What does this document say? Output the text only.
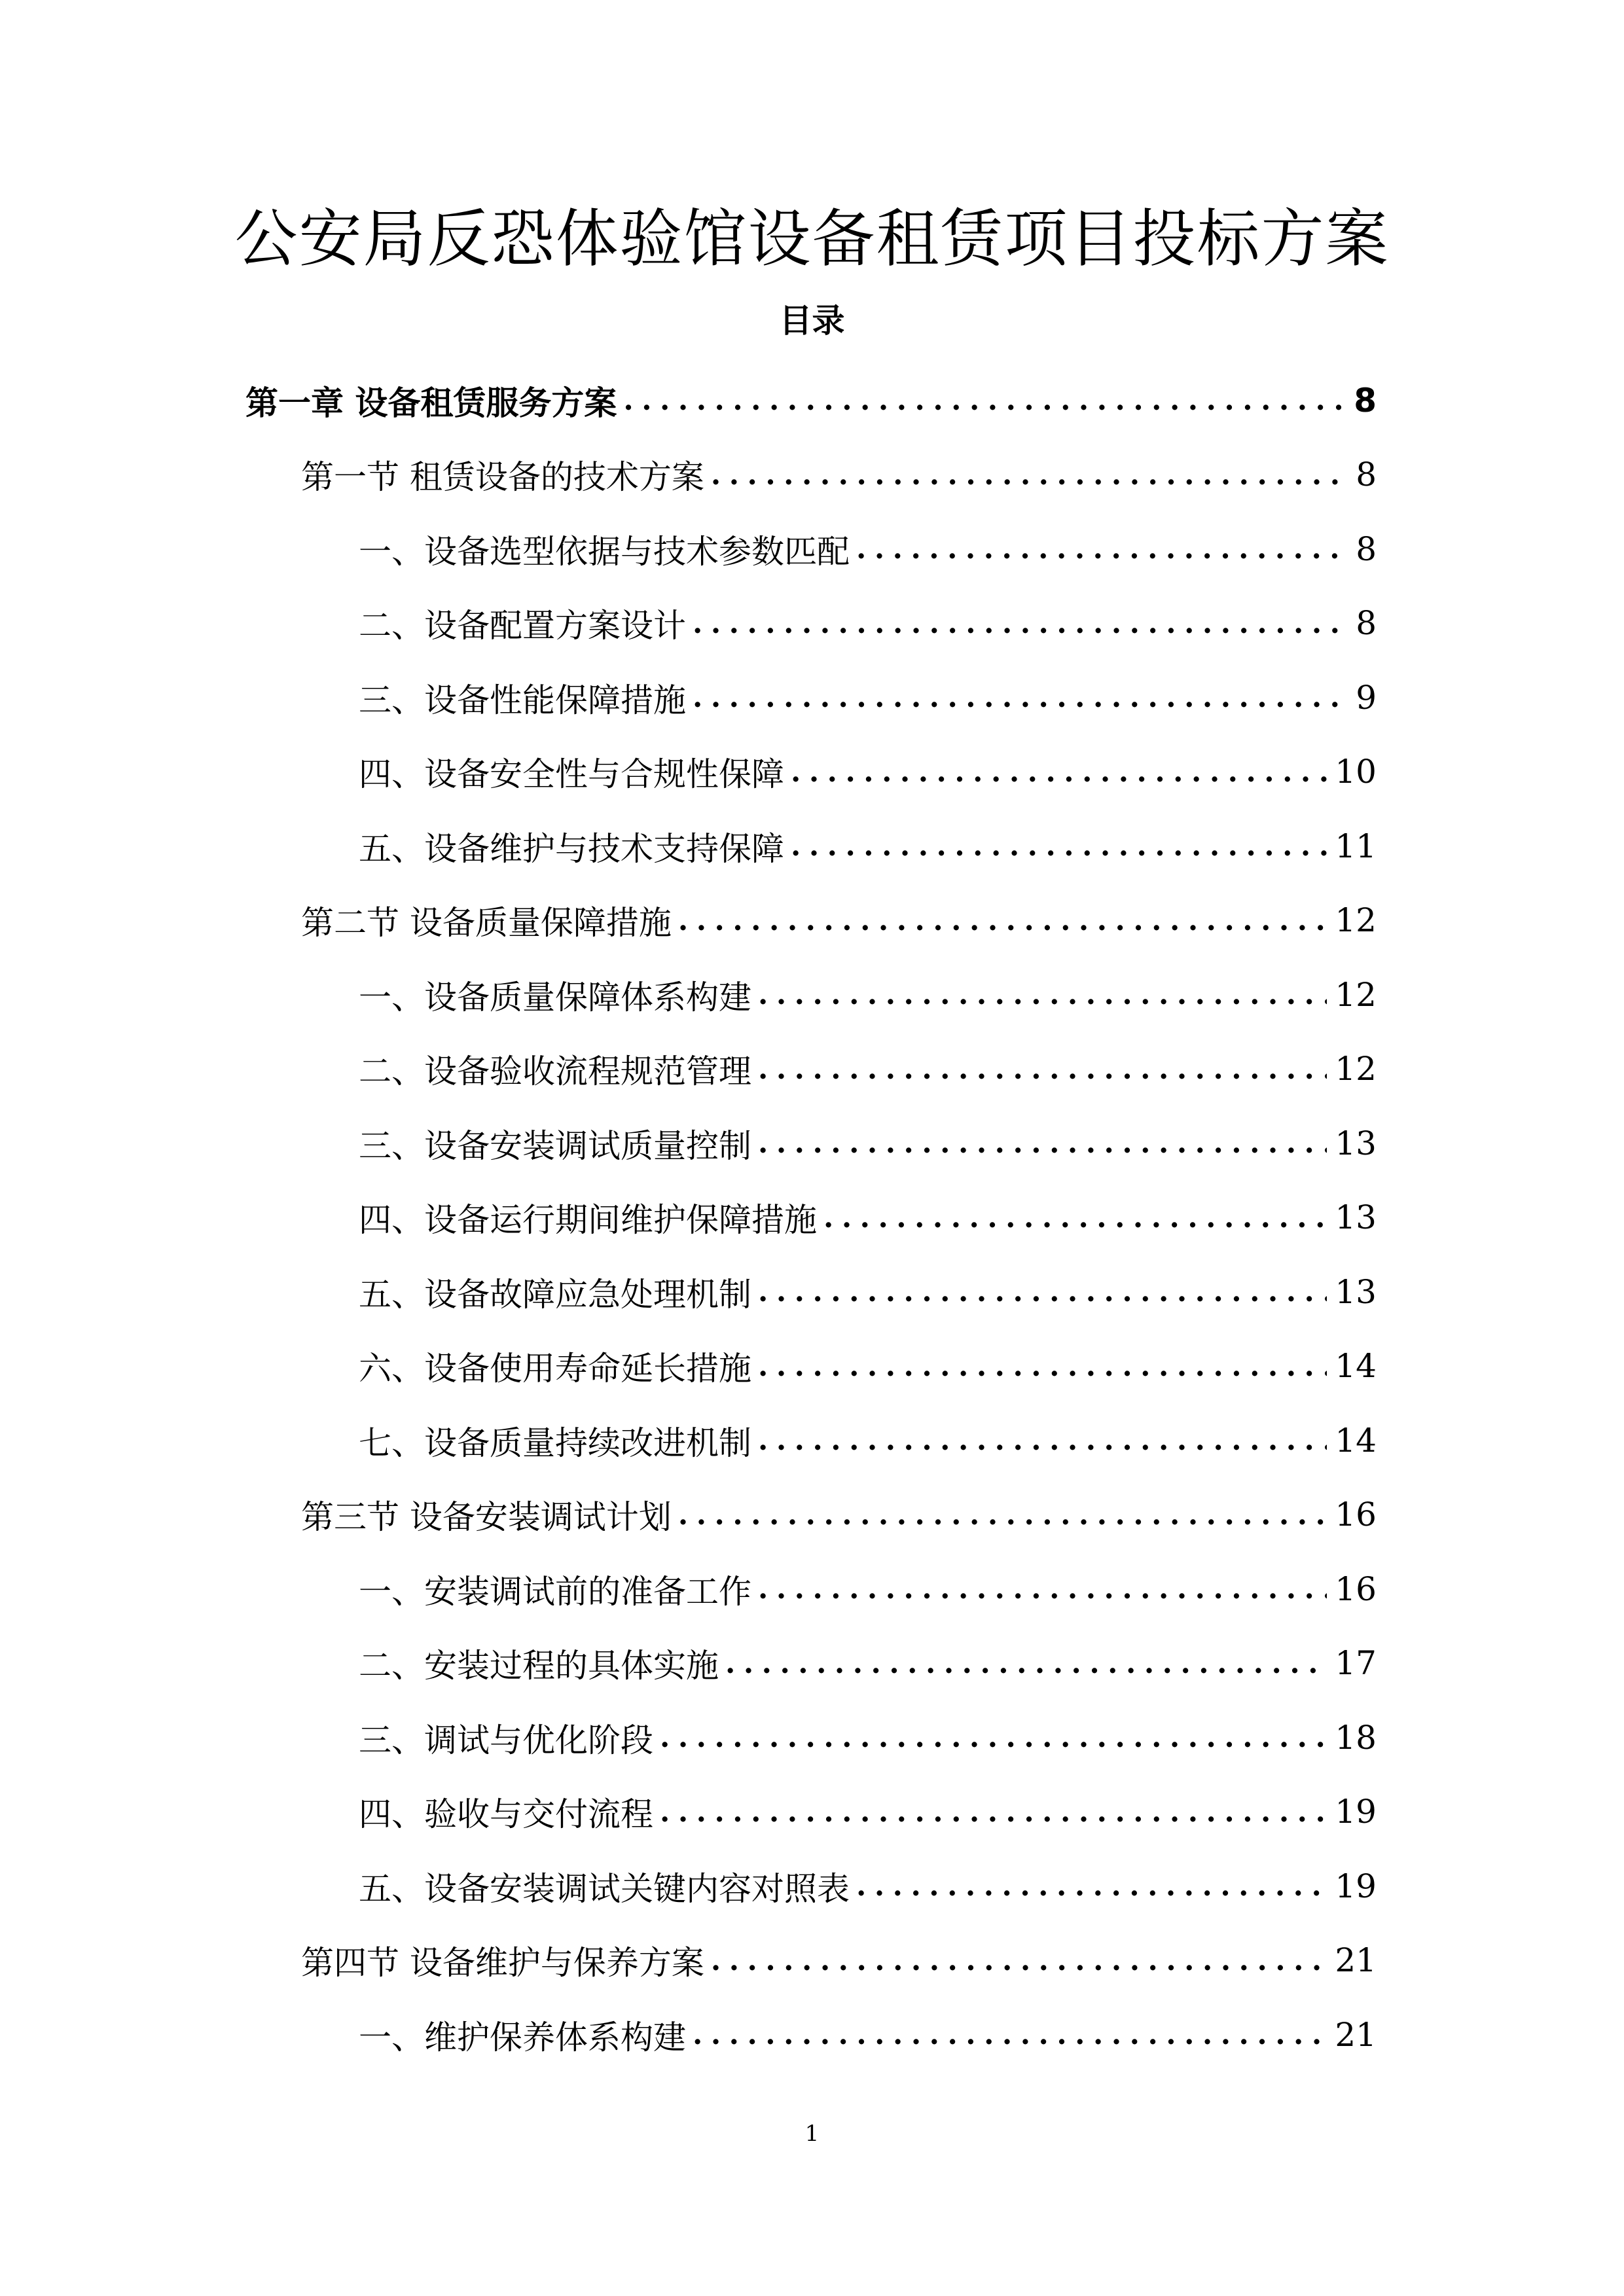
公安局反恐体验馆设备租赁项目投标方案
目录
第一章 设备租赁服务方案 .....	8
第一节 租赁设备的技术方案 .....	8
一、设备选型依据与技术参数匹配 .....	8
二、设备配置方案设计 .....	8
三、设备性能保障措施 .....	9
四、设备安全性与合规性保障 .....	10
五、设备维护与技术支持保障 .....	11
第二节 设备质量保障措施 .....	12
一、设备质量保障体系构建 .....	12
二、设备验收流程规范管理 .....	12
三、设备安装调试质量控制 .....	13
四、设备运行期间维护保障措施 .....	13
五、设备故障应急处理机制 .....	13
六、设备使用寿命延长措施 .....	14
七、设备质量持续改进机制 .....	14
第三节 设备安装调试计划 .....	16
一、安装调试前的准备工作 .....	16
二、安装过程的具体实施 .....	17
三、调试与优化阶段 .....	18
四、验收与交付流程 .....	19
五、设备安装调试关键内容对照表 .....	19
第四节 设备维护与保养方案 .....	21
一、维护保养体系构建 .....	21
1
